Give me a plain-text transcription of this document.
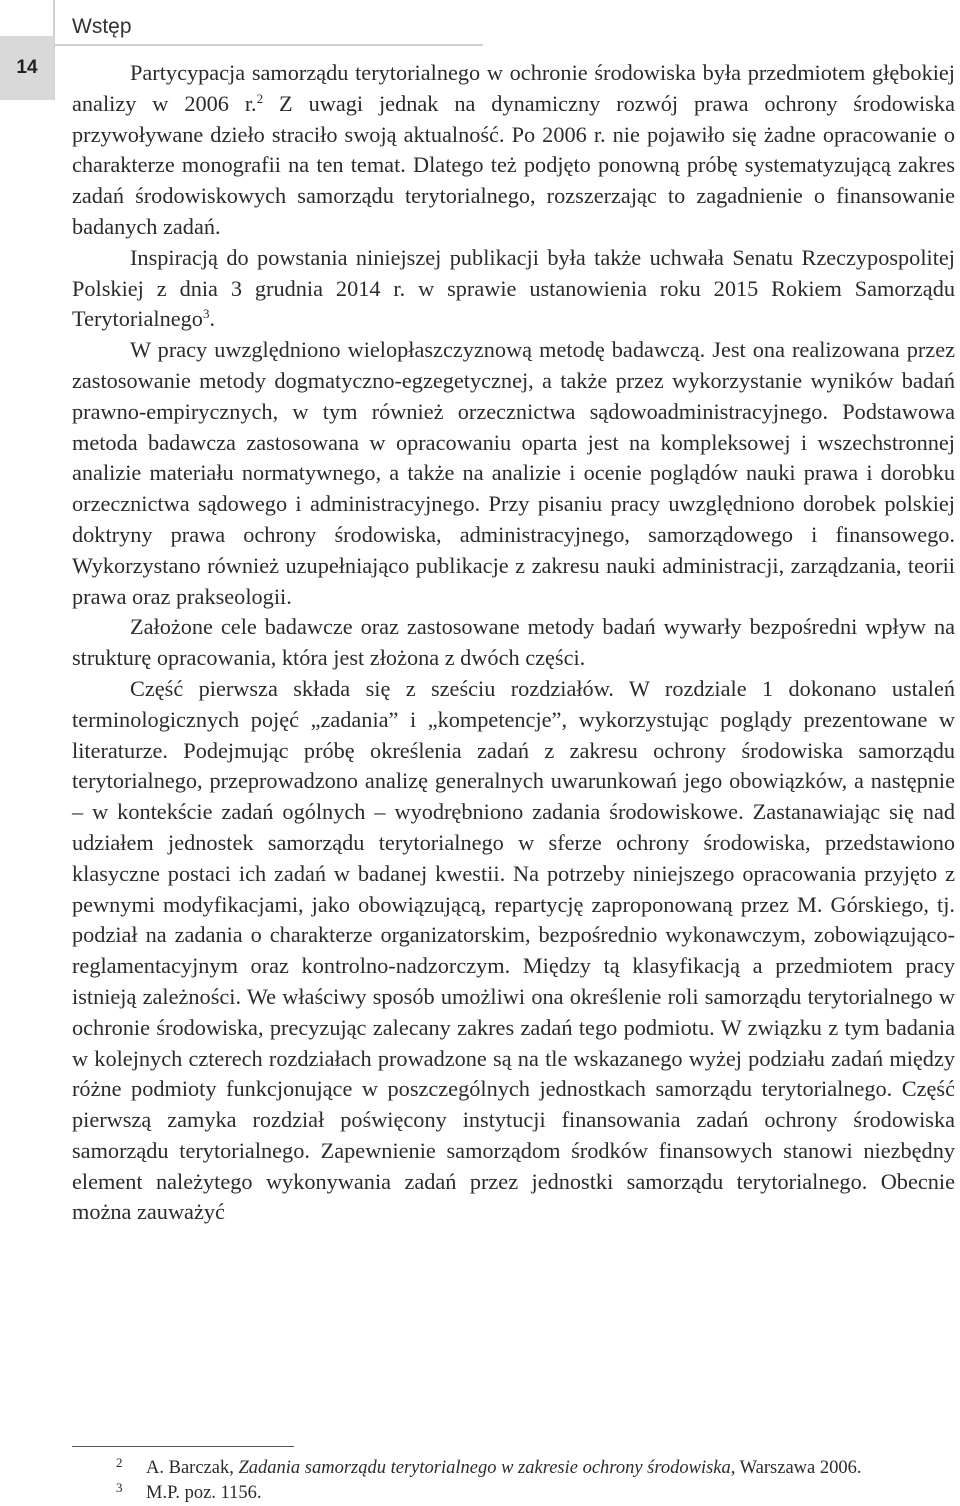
14
Wstęp

Partycypacja samorządu terytorialnego w ochronie środowiska była przedmiotem głębokiej analizy w 2006 r.$^2$ Z uwagi jednak na dynamiczny rozwój prawa ochrony środowiska przywoływane dzieło straciło swoją aktualność. Po 2006 r. nie pojawiło się żadne opracowanie o charakterze monografii na ten temat. Dlatego też podjęto ponowną próbę systematyzującą zakres zadań środowiskowych samorządu terytorialnego, rozszerzając to zagadnienie o finansowanie badanych zadań.

Inspiracją do powstania niniejszej publikacji była także uchwała Senatu Rzeczypospolitej Polskiej z dnia 3 grudnia 2014 r. w sprawie ustanowienia roku 2015 Rokiem Samorządu Terytorialnego$^3$.

W pracy uwzględniono wielopłaszczyznową metodę badawczą. Jest ona realizowana przez zastosowanie metody dogmatyczno-egzegetycznej, a także przez wykorzystanie wyników badań prawno-empirycznych, w tym również orzecznictwa sądowoadministracyjnego. Podstawowa metoda badawcza zastosowana w opracowaniu oparta jest na kompleksowej i wszechstronnej analizie materiału normatywnego, a także na analizie i ocenie poglądów nauki prawa i dorobku orzecznictwa sądowego i administracyjnego. Przy pisaniu pracy uwzględniono dorobek polskiej doktryny prawa ochrony środowiska, administracyjnego, samorządowego i finansowego. Wykorzystano również uzupełniająco publikacje z zakresu nauki administracji, zarządzania, teorii prawa oraz prakseologii.

Założone cele badawcze oraz zastosowane metody badań wywarły bezpośredni wpływ na strukturę opracowania, która jest złożona z dwóch części.

Część pierwsza składa się z sześciu rozdziałów. W rozdziale 1 dokonano ustaleń terminologicznych pojęć „zadania” i „kompetencje”, wykorzystując poglądy prezentowane w literaturze. Podejmując próbę określenia zadań z zakresu ochrony środowiska samorządu terytorialnego, przeprowadzono analizę generalnych uwarunkowań jego obowiązków, a następnie – w kontekście zadań ogólnych – wyodrębniono zadania środowiskowe. Zastanawiając się nad udziałem jednostek samorządu terytorialnego w sferze ochrony środowiska, przedstawiono klasyczne postaci ich zadań w badanej kwestii. Na potrzeby niniejszego opracowania przyjęto z pewnymi modyfikacjami, jako obowiązującą, repartycję zaproponowaną przez M. Górskiego, tj. podział na zadania o charakterze organizatorskim, bezpośrednio wykonawczym, zobowiązująco-reglamentacyjnym oraz kontrolno-nadzorczym. Między tą klasyfikacją a przedmiotem pracy istnieją zależności. We właściwy sposób umożliwi ona określenie roli samorządu terytorialnego w ochronie środowiska, precyzując zalecany zakres zadań tego podmiotu. W związku z tym badania w kolejnych czterech rozdziałach prowadzone są na tle wskazanego wyżej podziału zadań między różne podmioty funkcjonujące w poszczególnych jednostkach samorządu terytorialnego. Część pierwszą zamyka rozdział poświęcony instytucji finansowania zadań ochrony środowiska samorządu terytorialnego. Zapewnienie samorządom środków finansowych stanowi niezbędny element należytego wykonywania zadań przez jednostki samorządu terytorialnego. Obecnie można zauważyć

2 A. Barczak, Zadania samorządu terytorialnego w zakresie ochrony środowiska, Warszawa 2006.
3 M.P. poz. 1156.
